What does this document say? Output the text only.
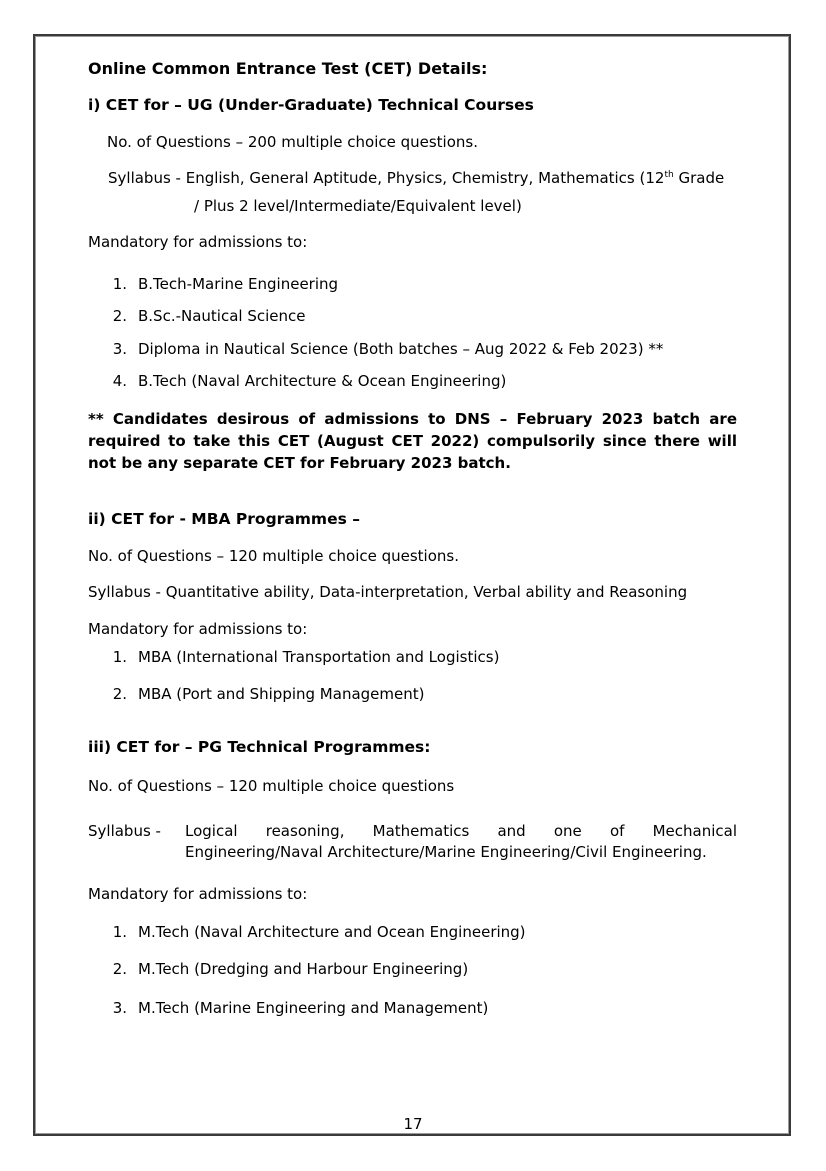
Online Common Entrance Test (CET) Details:
i) CET for – UG (Under-Graduate) Technical Courses
No. of Questions – 200 multiple choice questions.
Syllabus - English, General Aptitude, Physics, Chemistry, Mathematics (12th Grade
/ Plus 2 level/Intermediate/Equivalent level)
Mandatory for admissions to:
1. B.Tech-Marine Engineering
2. B.Sc.-Nautical Science
3. Diploma in Nautical Science (Both batches – Aug 2022 & Feb 2023) **
4. B.Tech (Naval Architecture & Ocean Engineering)
** Candidates desirous of admissions to DNS – February 2023 batch are
required to take this CET (August CET 2022) compulsorily since there will
not be any separate CET for February 2023 batch.
ii) CET for - MBA Programmes –
No. of Questions – 120 multiple choice questions.
Syllabus - Quantitative ability, Data-interpretation, Verbal ability and Reasoning
Mandatory for admissions to:
1. MBA (International Transportation and Logistics)
2. MBA (Port and Shipping Management)
iii) CET for – PG Technical Programmes:
No. of Questions – 120 multiple choice questions
Syllabus - Logical reasoning, Mathematics and one of Mechanical
Engineering/Naval Architecture/Marine Engineering/Civil Engineering.
Mandatory for admissions to:
1. M.Tech (Naval Architecture and Ocean Engineering)
2. M.Tech (Dredging and Harbour Engineering)
3. M.Tech (Marine Engineering and Management)
17
